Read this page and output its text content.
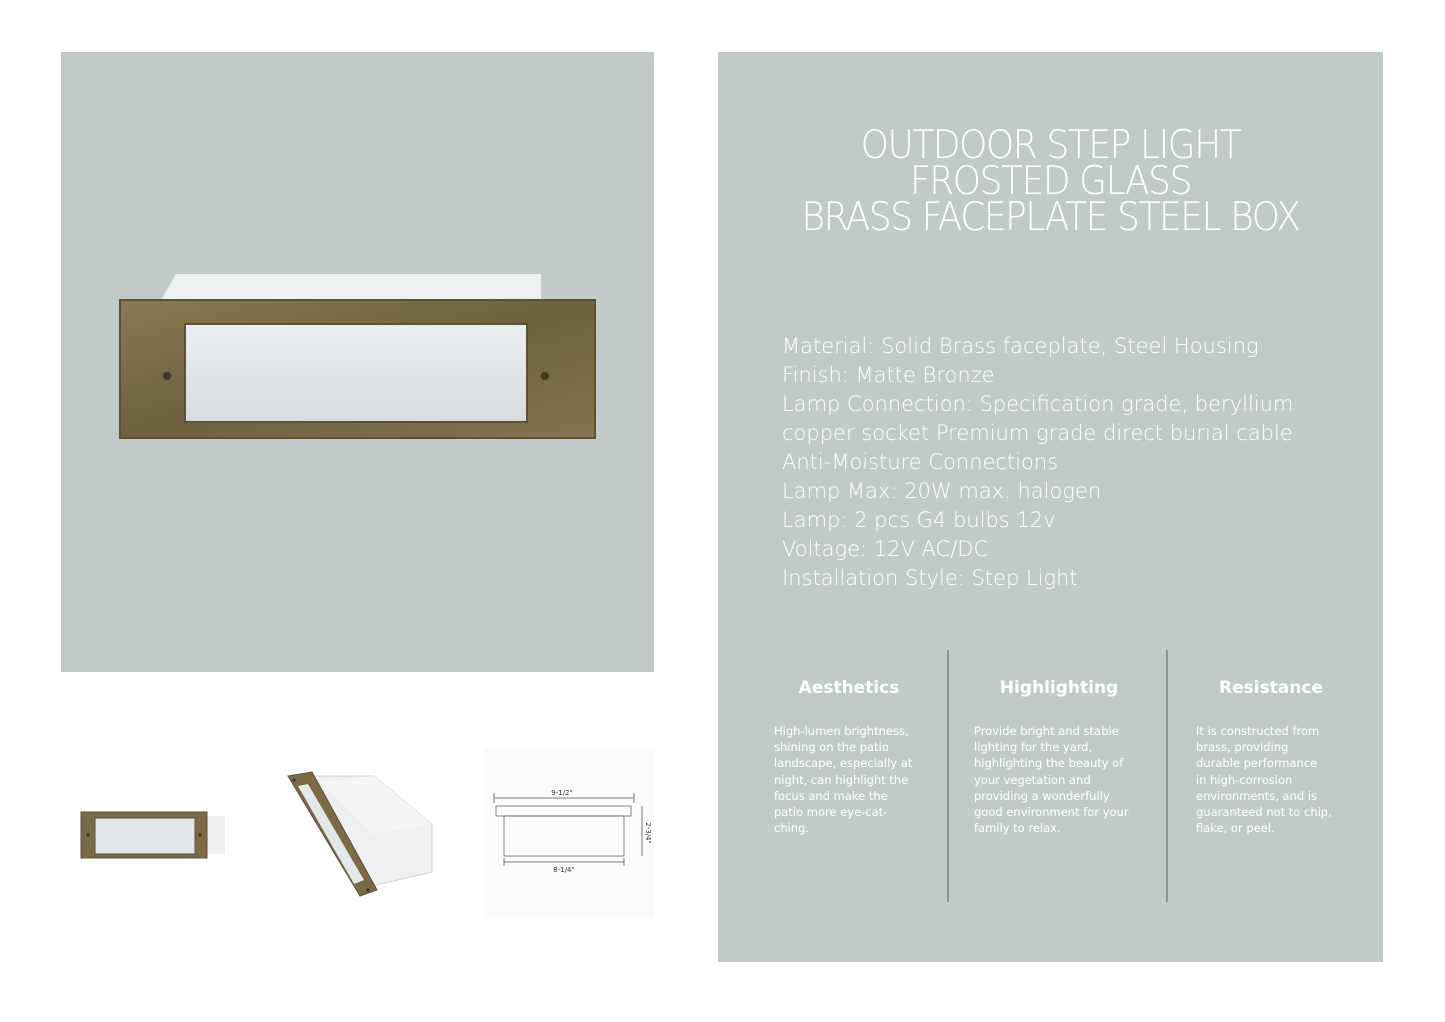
9-1/2"
8-1/4"
2-3/4"
OUTDOOR STEP LIGHT
FROSTED GLASS
BRASS FACEPLATE STEEL BOX
Material: Solid Brass faceplate, Steel Housing
Finish: Matte Bronze
Lamp Connection: Specification grade, beryllium
copper socket Premium grade direct burial cable
Anti-Moisture Connections
Lamp Max: 20W max. halogen
Lamp: 2 pcs G4 bulbs 12v
Voltage: 12V AC/DC
Installation Style: Step Light
Aesthetics
High-lumen brightness,
shining on the patio
landscape, especially at
night, can highlight the
focus and make the
patio more eye-cat-
ching.
Highlighting
Provide bright and stable
lighting for the yard,
highlighting the beauty of
your vegetation and
providing a wonderfully
good environment for your
family to relax.
Resistance
It is constructed from
brass, providing
durable performance
in high-corrosion
environments, and is
guaranteed not to chip,
flake, or peel.
